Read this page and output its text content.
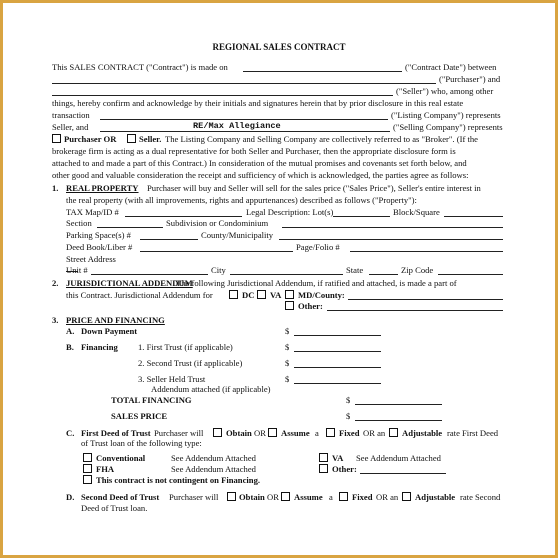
REGIONAL SALES CONTRACT
This SALES CONTRACT ("Contract") is made on	("Contract Date") between
("Purchaser") and
("Seller") who, among other
things, hereby confirm and acknowledge by their initials and signatures herein that by prior disclosure in this real estate
transaction	("Listing Company") represents
Seller, and	RE/Max Allegiance	("Selling Company") represents
Purchaser OR	Seller. The Listing Company and Selling Company are collectively referred to as "Broker". (If the
brokerage firm is acting as a dual representative for both Seller and Purchaser, then the appropriate disclosure form is
attached to and made a part of this Contract.) In consideration of the mutual promises and covenants set forth below, and
other good and valuable consideration the receipt and sufficiency of which is acknowledged, the parties agree as follows:
1. REAL PROPERTY Purchaser will buy and Seller will sell for the sales price ("Sales Price"), Seller's entire interest in
the real property (with all improvements, rights and appurtenances) described as follows ("Property"):
TAX Map/ID #	Legal Description: Lot(s)	Block/Square
Section	Subdivision or Condominium
Parking Space(s) #	County/Municipality
Deed Book/Liber #	Page/Folio #
Street Address
Unit #	City	State	Zip Code
2. JURISDICTIONAL ADDENDUM
The following Jurisdictional Addendum, if ratified and attached, is made a part of
this Contract. Jurisdictional Addendum for	DC VA MD/County:
Other:
3. PRICE AND FINANCING
A. Down Payment	$
B. Financing 1. First Trust (if applicable)	$
2. Second Trust (if applicable)	$
3. Seller Held Trust	$
Addendum attached (if applicable)
TOTAL FINANCING	$
SALES PRICE	$
C. First Deed of Trust Purchaser will	Obtain OR Assume a Fixed OR an Adjustable rate First Deed
of Trust loan of the following type:
Conventional	See Addendum Attached	VA See Addendum Attached
FHA	See Addendum Attached	Other:
This contract is not contingent on Financing.
D. Second Deed of Trust Purchaser will Obtain OR Assume a Fixed OR an Adjustable rate Second
Deed of Trust loan.
